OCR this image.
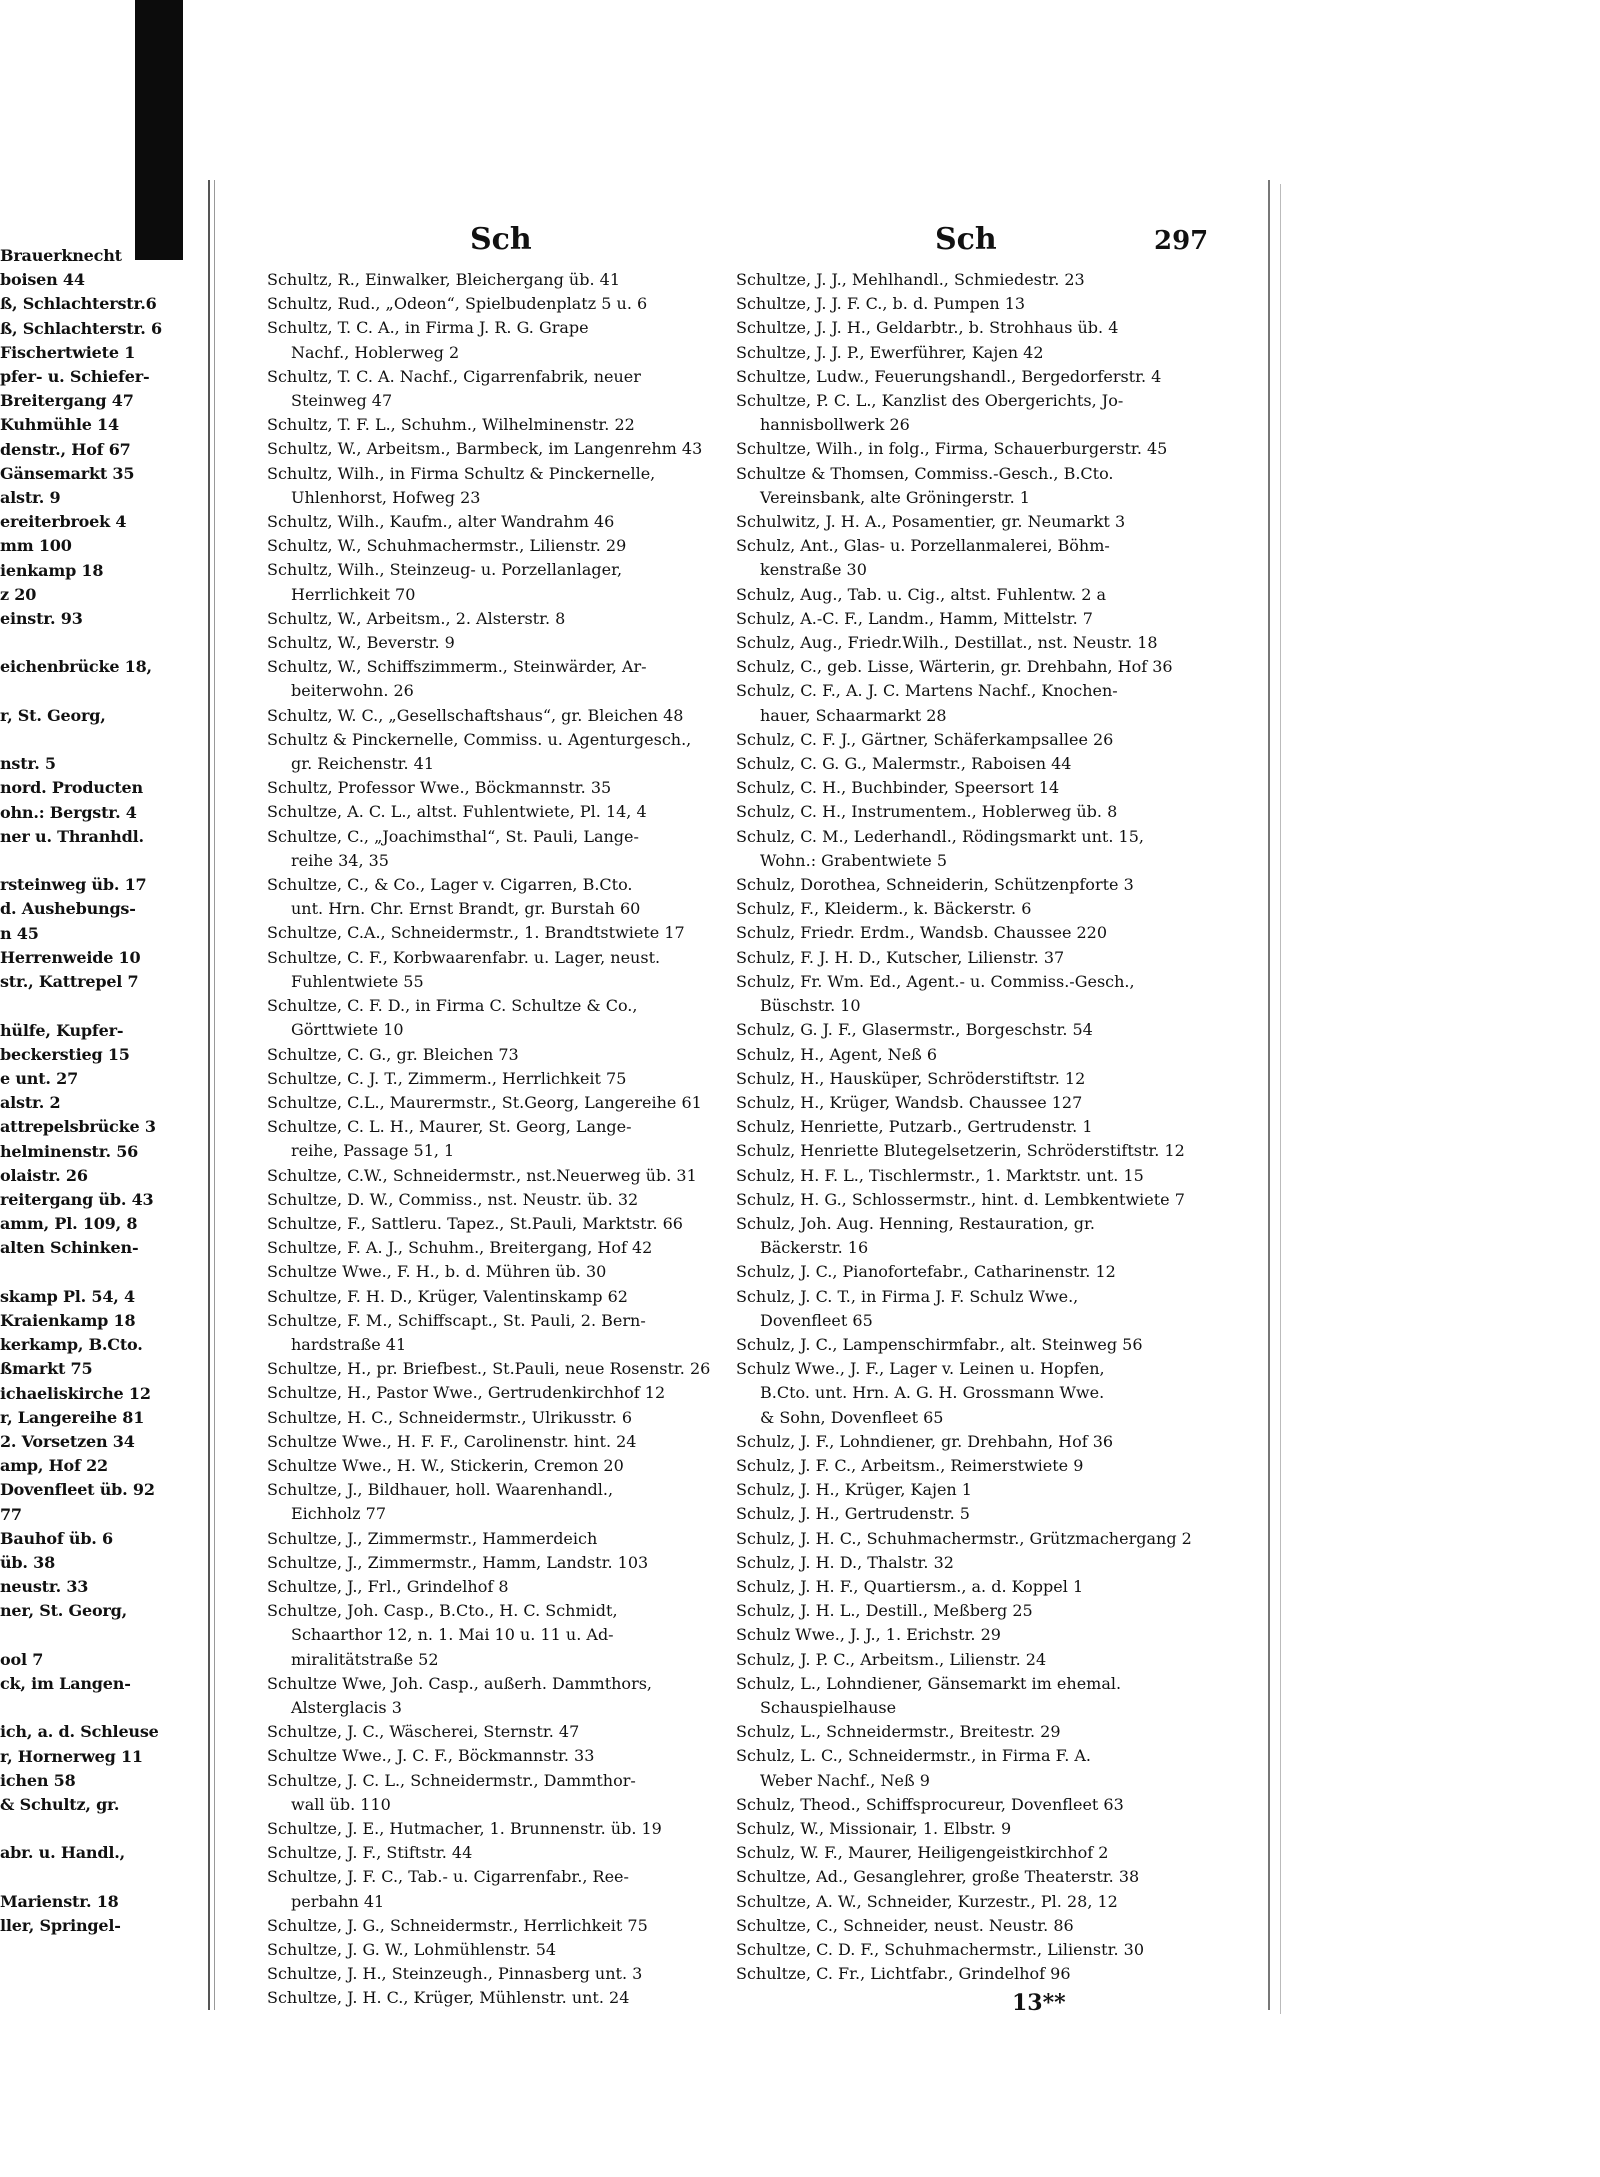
Sch	Sch	297
Brauerknecht
boisen 44
ß, Schlachterstr.6
ß, Schlachterstr. 6
Fischertwiete 1
pfer- u. Schiefer-
Breitergang 47
Kuhmühle 14
denstr., Hof 67
Gänsemarkt 35
alstr. 9
ereiterbroek 4
mm 100
ienkamp 18
z 20
einstr. 93

eichenbrücke 18,

r, St. Georg,

nstr. 5
nord. Producten
ohn.: Bergstr. 4
ner u. Thranhdl.

rsteinweg üb. 17
d. Aushebungs-
n 45
Herrenweide 10
str., Kattrepel 7

hülfe, Kupfer-
beckerstieg 15
e unt. 27
alstr. 2
attrepelsbrücke 3
helminenstr. 56
olaistr. 26
reitergang üb. 43
amm, Pl. 109, 8
alten Schinken-

skamp Pl. 54, 4
Kraienkamp 18
kerkamp, B.Cto.
ßmarkt 75
ichaeliskirche 12
r, Langereihe 81
2. Vorsetzen 34
amp, Hof 22
Dovenfleet üb. 92
77
Bauhof üb. 6
üb. 38
neustr. 33
ner, St. Georg,

ool 7
ck, im Langen-

ich, a. d. Schleuse
r, Hornerweg 11
ichen 58
& Schultz, gr.

abr. u. Handl.,

Marienstr. 18
ller, Springel-
Schultz, R., Einwalker, Bleichergang üb. 41
Schultz, Rud., „Odeon“, Spielbudenplatz 5 u. 6
Schultz, T. C. A., in Firma J. R. G. Grape
Nachf., Hoblerweg 2
Schultz, T. C. A. Nachf., Cigarrenfabrik, neuer
Steinweg 47
Schultz, T. F. L., Schuhm., Wilhelminenstr. 22
Schultz, W., Arbeitsm., Barmbeck, im Langenrehm 43
Schultz, Wilh., in Firma Schultz & Pinckernelle,
Uhlenhorst, Hofweg 23
Schultz, Wilh., Kaufm., alter Wandrahm 46
Schultz, W., Schuhmachermstr., Lilienstr. 29
Schultz, Wilh., Steinzeug- u. Porzellanlager,
Herrlichkeit 70
Schultz, W., Arbeitsm., 2. Alsterstr. 8
Schultz, W., Beverstr. 9
Schultz, W., Schiffszimmerm., Steinwärder, Ar-
beiterwohn. 26
Schultz, W. C., „Gesellschaftshaus“, gr. Bleichen 48
Schultz & Pinckernelle, Commiss. u. Agenturgesch.,
gr. Reichenstr. 41
Schultz, Professor Wwe., Böckmannstr. 35
Schultze, A. C. L., altst. Fuhlentwiete, Pl. 14, 4
Schultze, C., „Joachimsthal“, St. Pauli, Lange-
reihe 34, 35
Schultze, C., & Co., Lager v. Cigarren, B.Cto.
unt. Hrn. Chr. Ernst Brandt, gr. Burstah 60
Schultze, C.A., Schneidermstr., 1. Brandtstwiete 17
Schultze, C. F., Korbwaarenfabr. u. Lager, neust.
Fuhlentwiete 55
Schultze, C. F. D., in Firma C. Schultze & Co.,
Görttwiete 10
Schultze, C. G., gr. Bleichen 73
Schultze, C. J. T., Zimmerm., Herrlichkeit 75
Schultze, C.L., Maurermstr., St.Georg, Langereihe 61
Schultze, C. L. H., Maurer, St. Georg, Lange-
reihe, Passage 51, 1
Schultze, C.W., Schneidermstr., nst.Neuerweg üb. 31
Schultze, D. W., Commiss., nst. Neustr. üb. 32
Schultze, F., Sattleru. Tapez., St.Pauli, Marktstr. 66
Schultze, F. A. J., Schuhm., Breitergang, Hof 42
Schultze Wwe., F. H., b. d. Mühren üb. 30
Schultze, F. H. D., Krüger, Valentinskamp 62
Schultze, F. M., Schiffscapt., St. Pauli, 2. Bern-
hardstraße 41
Schultze, H., pr. Briefbest., St.Pauli, neue Rosenstr. 26
Schultze, H., Pastor Wwe., Gertrudenkirchhof 12
Schultze, H. C., Schneidermstr., Ulrikusstr. 6
Schultze Wwe., H. F. F., Carolinenstr. hint. 24
Schultze Wwe., H. W., Stickerin, Cremon 20
Schultze, J., Bildhauer, holl. Waarenhandl.,
Eichholz 77
Schultze, J., Zimmermstr., Hammerdeich
Schultze, J., Zimmermstr., Hamm, Landstr. 103
Schultze, J., Frl., Grindelhof 8
Schultze, Joh. Casp., B.Cto., H. C. Schmidt,
Schaarthor 12, n. 1. Mai 10 u. 11 u. Ad-
miralitätstraße 52
Schultze Wwe, Joh. Casp., außerh. Dammthors,
Alsterglacis 3
Schultze, J. C., Wäscherei, Sternstr. 47
Schultze Wwe., J. C. F., Böckmannstr. 33
Schultze, J. C. L., Schneidermstr., Dammthor-
wall üb. 110
Schultze, J. E., Hutmacher, 1. Brunnenstr. üb. 19
Schultze, J. F., Stiftstr. 44
Schultze, J. F. C., Tab.- u. Cigarrenfabr., Ree-
perbahn 41
Schultze, J. G., Schneidermstr., Herrlichkeit 75
Schultze, J. G. W., Lohmühlenstr. 54
Schultze, J. H., Steinzeugh., Pinnasberg unt. 3
Schultze, J. H. C., Krüger, Mühlenstr. unt. 24
Schultze, J. J., Mehlhandl., Schmiedestr. 23
Schultze, J. J. F. C., b. d. Pumpen 13
Schultze, J. J. H., Geldarbtr., b. Strohhaus üb. 4
Schultze, J. J. P., Ewerführer, Kajen 42
Schultze, Ludw., Feuerungshandl., Bergedorferstr. 4
Schultze, P. C. L., Kanzlist des Obergerichts, Jo-
hannisbollwerk 26
Schultze, Wilh., in folg., Firma, Schauerburgerstr. 45
Schultze & Thomsen, Commiss.-Gesch., B.Cto.
Vereinsbank, alte Gröningerstr. 1
Schulwitz, J. H. A., Posamentier, gr. Neumarkt 3
Schulz, Ant., Glas- u. Porzellanmalerei, Böhm-
kenstraße 30
Schulz, Aug., Tab. u. Cig., altst. Fuhlentw. 2 a
Schulz, A.-C. F., Landm., Hamm, Mittelstr. 7
Schulz, Aug., Friedr.Wilh., Destillat., nst. Neustr. 18
Schulz, C., geb. Lisse, Wärterin, gr. Drehbahn, Hof 36
Schulz, C. F., A. J. C. Martens Nachf., Knochen-
hauer, Schaarmarkt 28
Schulz, C. F. J., Gärtner, Schäferkampsallee 26
Schulz, C. G. G., Malermstr., Raboisen 44
Schulz, C. H., Buchbinder, Speersort 14
Schulz, C. H., Instrumentem., Hoblerweg üb. 8
Schulz, C. M., Lederhandl., Rödingsmarkt unt. 15,
Wohn.: Grabentwiete 5
Schulz, Dorothea, Schneiderin, Schützenpforte 3
Schulz, F., Kleiderm., k. Bäckerstr. 6
Schulz, Friedr. Erdm., Wandsb. Chaussee 220
Schulz, F. J. H. D., Kutscher, Lilienstr. 37
Schulz, Fr. Wm. Ed., Agent.- u. Commiss.-Gesch.,
Büschstr. 10
Schulz, G. J. F., Glasermstr., Borgeschstr. 54
Schulz, H., Agent, Neß 6
Schulz, H., Hausküper, Schröderstiftstr. 12
Schulz, H., Krüger, Wandsb. Chaussee 127
Schulz, Henriette, Putzarb., Gertrudenstr. 1
Schulz, Henriette Blutegelsetzerin, Schröderstiftstr. 12
Schulz, H. F. L., Tischlermstr., 1. Marktstr. unt. 15
Schulz, H. G., Schlossermstr., hint. d. Lembkentwiete 7
Schulz, Joh. Aug. Henning, Restauration, gr.
Bäckerstr. 16
Schulz, J. C., Pianofortefabr., Catharinenstr. 12
Schulz, J. C. T., in Firma J. F. Schulz Wwe.,
Dovenfleet 65
Schulz, J. C., Lampenschirmfabr., alt. Steinweg 56
Schulz Wwe., J. F., Lager v. Leinen u. Hopfen,
B.Cto. unt. Hrn. A. G. H. Grossmann Wwe.
& Sohn, Dovenfleet 65
Schulz, J. F., Lohndiener, gr. Drehbahn, Hof 36
Schulz, J. F. C., Arbeitsm., Reimerstwiete 9
Schulz, J. H., Krüger, Kajen 1
Schulz, J. H., Gertrudenstr. 5
Schulz, J. H. C., Schuhmachermstr., Grützmachergang 2
Schulz, J. H. D., Thalstr. 32
Schulz, J. H. F., Quartiersm., a. d. Koppel 1
Schulz, J. H. L., Destill., Meßberg 25
Schulz Wwe., J. J., 1. Erichstr. 29
Schulz, J. P. C., Arbeitsm., Lilienstr. 24
Schulz, L., Lohndiener, Gänsemarkt im ehemal.
Schauspielhause
Schulz, L., Schneidermstr., Breitestr. 29
Schulz, L. C., Schneidermstr., in Firma F. A.
Weber Nachf., Neß 9
Schulz, Theod., Schiffsprocureur, Dovenfleet 63
Schulz, W., Missionair, 1. Elbstr. 9
Schulz, W. F., Maurer, Heiligengeistkirchhof 2
Schultze, Ad., Gesanglehrer, große Theaterstr. 38
Schultze, A. W., Schneider, Kurzestr., Pl. 28, 12
Schultze, C., Schneider, neust. Neustr. 86
Schultze, C. D. F., Schuhmachermstr., Lilienstr. 30
Schultze, C. Fr., Lichtfabr., Grindelhof 96
13**
